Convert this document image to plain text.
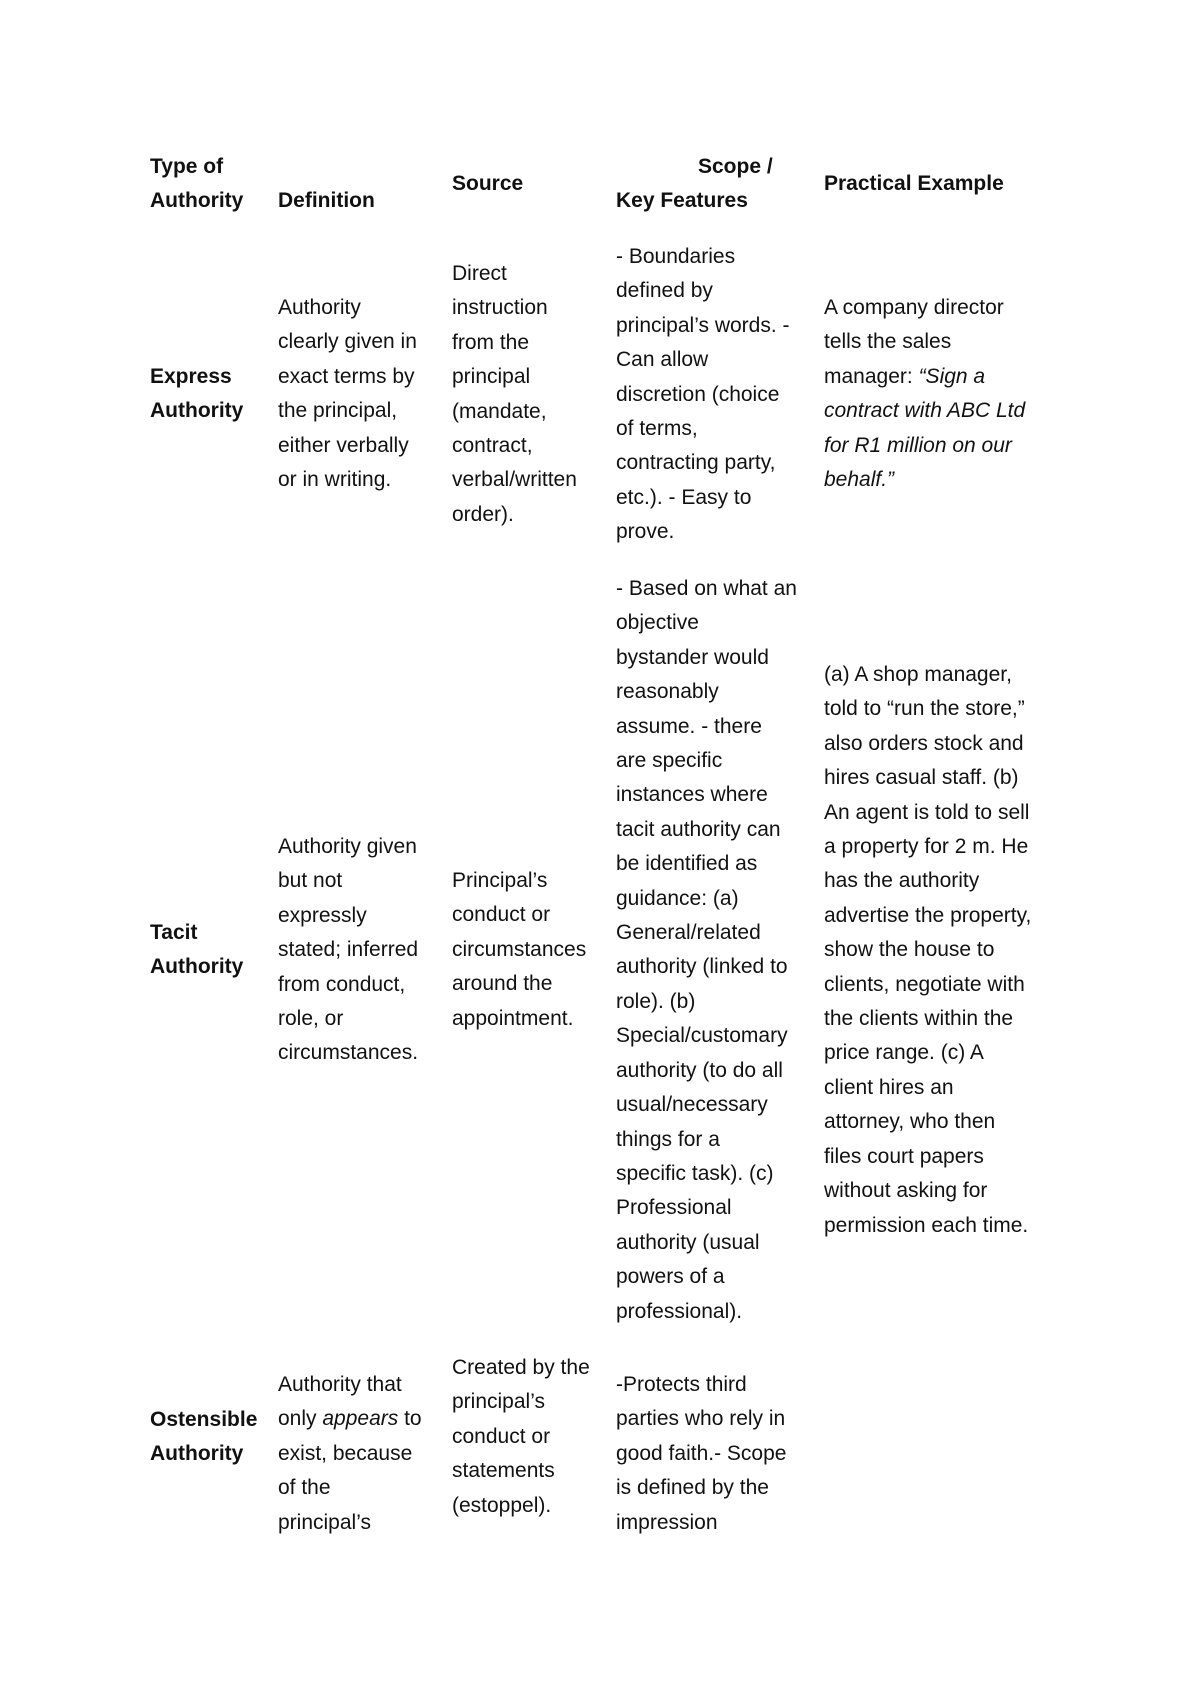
Type of
Authority	Definition
Source
Scope /
Key Features
Practical Example
Express
Authority
Authority
clearly given in
exact terms by
the principal,
either verbally
or in writing.
Direct
instruction
from the
principal
(mandate,
contract,
verbal/written
order).
- Boundaries
defined by
principal’s words. -
Can allow
discretion (choice
of terms,
contracting party,
etc.). - Easy to
prove.
A company director
tells the sales
manager: “Sign a
contract with ABC Ltd
for R1 million on our
behalf.”
Tacit
Authority
Authority given
but not
expressly
stated; inferred
from conduct,
role, or
circumstances.
Principal’s
conduct or
circumstances
around the
appointment.
- Based on what an
objective
bystander would
reasonably
assume. - there
are specific
instances where
tacit authority can
be identified as
guidance: (a)
General/related
authority (linked to
role). (b)
Special/customary
authority (to do all
usual/necessary
things for a
specific task). (c)
Professional
authority (usual
powers of a
professional).
(a) A shop manager,
told to “run the store,”
also orders stock and
hires casual staff. (b)
An agent is told to sell
a property for 2 m. He
has the authority
advertise the property,
show the house to
clients, negotiate with
the clients within the
price range. (c) A
client hires an
attorney, who then
files court papers
without asking for
permission each time.
Ostensible
Authority
Authority that
only appears to
exist, because
of the
principal’s
Created by the
principal’s
conduct or
statements
(estoppel).
-Protects third
parties who rely in
good faith.- Scope
is defined by the
impression
